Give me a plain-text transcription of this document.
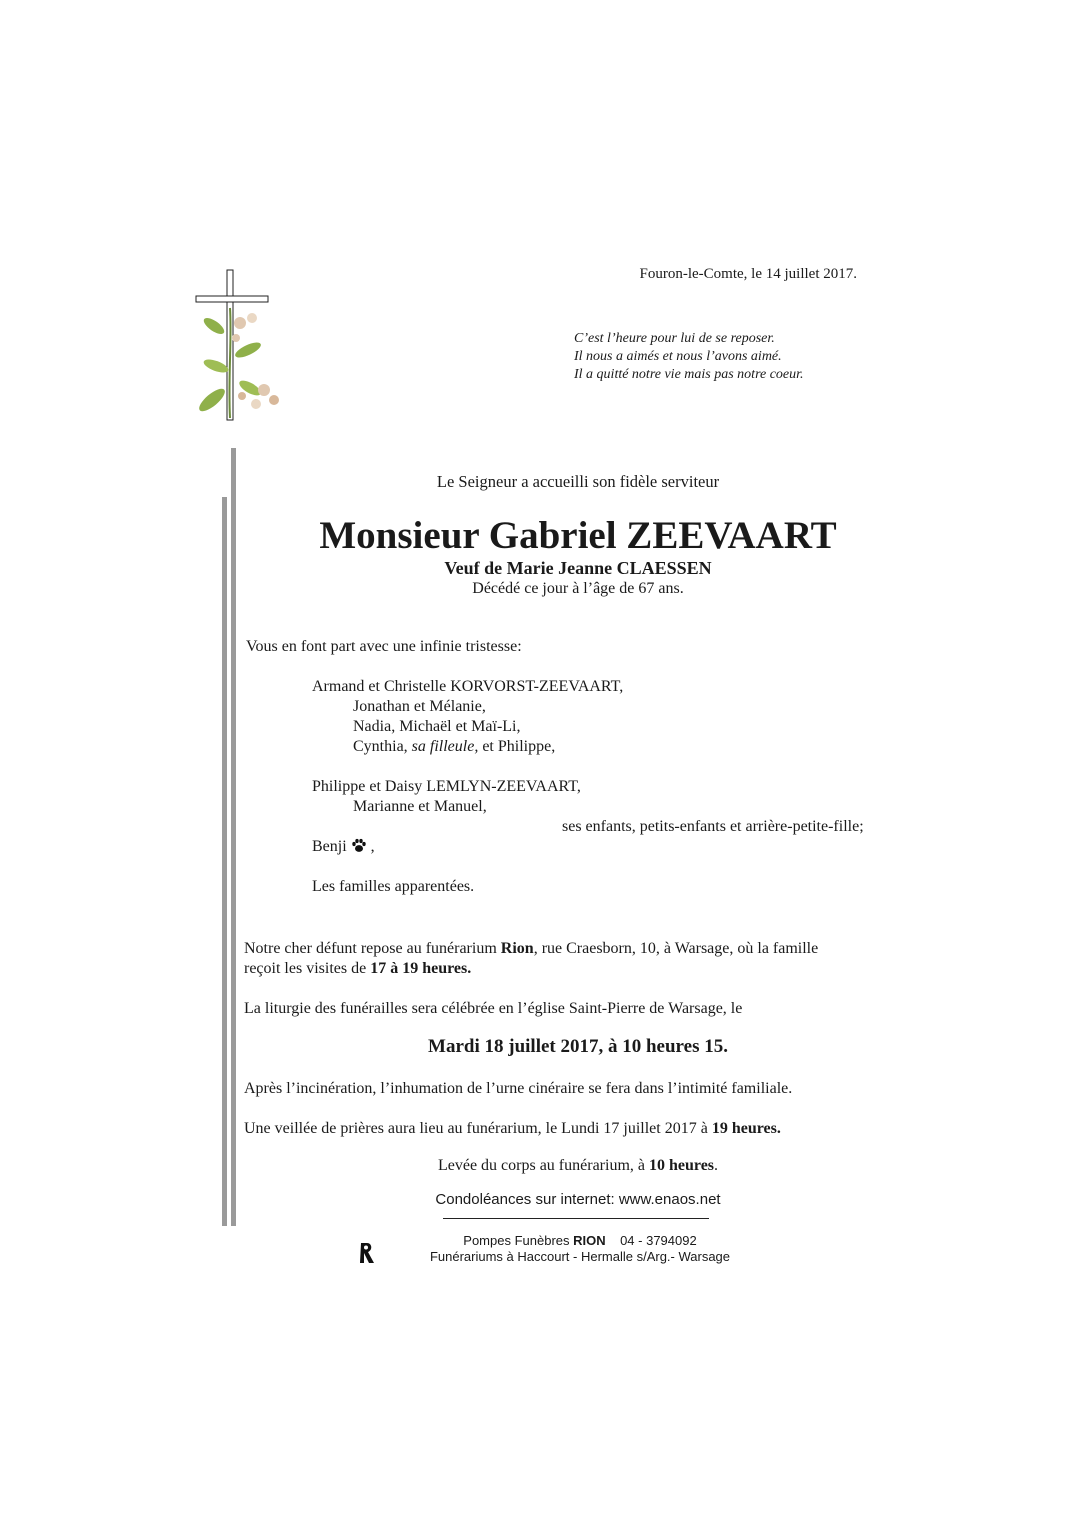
Fouron-le-Comte, le 14 juillet 2017.
C’est l’heure pour lui de se reposer.
Il nous a aimés et nous l’avons aimé.
Il a quitté notre vie mais pas notre coeur.
Le Seigneur a accueilli son fidèle serviteur
Monsieur Gabriel ZEEVAART
Veuf de Marie Jeanne CLAESSEN
Décédé ce jour à l’âge de 67 ans.
Vous en font part avec une infinie tristesse:
Armand et Christelle KORVORST-ZEEVAART,
Jonathan et Mélanie,
Nadia, Michaël et Maï-Li,
Cynthia, sa filleule, et Philippe,
Philippe et Daisy LEMLYN-ZEEVAART,
Marianne et Manuel,
ses enfants, petits-enfants et arrière-petite-fille;
Benji  ,
Les familles apparentées.
Notre cher défunt repose au funérarium Rion, rue Craesborn, 10, à Warsage, où la famille
reçoit les visites de 17 à 19 heures.
La liturgie des funérailles sera célébrée en l’église Saint-Pierre de Warsage, le
Mardi 18 juillet 2017, à 10 heures 15.
Après l’incinération, l’inhumation de l’urne cinéraire se fera dans l’intimité familiale.
Une veillée de prières aura lieu au funérarium, le Lundi 17 juillet 2017 à 19 heures.
Levée du corps au funérarium, à 10 heures.
Condoléances sur internet: www.enaos.net
Pompes Funèbres RION    04 - 3794092
Funérariums à Haccourt - Hermalle s/Arg.- Warsage
